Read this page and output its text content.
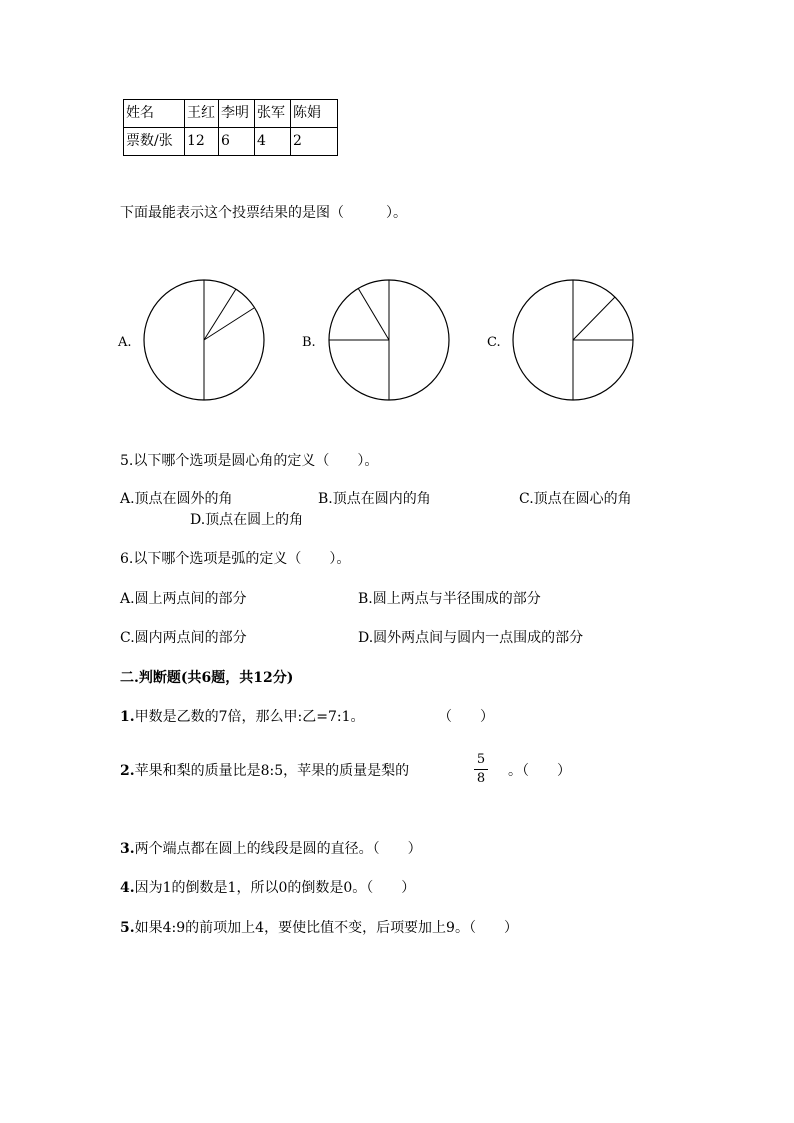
姓名	王红	李明	张军	陈娟
票数/张	12	6	4	2
下面最能表示这个投票结果的是图（　　　）。
A.	B.	C.
5.以下哪个选项是圆心角的定义（　　）。
A.顶点在圆外的角	B.顶点在圆内的角	C.顶点在圆心的角
D.顶点在圆上的角
6.以下哪个选项是弧的定义（　　）。
A.圆上两点间的部分	B.圆上两点与半径围成的部分
C.圆内两点间的部分	D.圆外两点间与圆内一点围成的部分
二.判断题(共6题，共12分)
1.甲数是乙数的7倍，那么甲:乙=7:1。	（　　）
2.苹果和梨的质量比是8:5，苹果的质量是梨的
5
8 。（　　）
3.两个端点都在圆上的线段是圆的直径。（　　）
4.因为1的倒数是1，所以0的倒数是0。（　　）
5.如果4:9的前项加上4，要使比值不变，后项要加上9。（　　）
